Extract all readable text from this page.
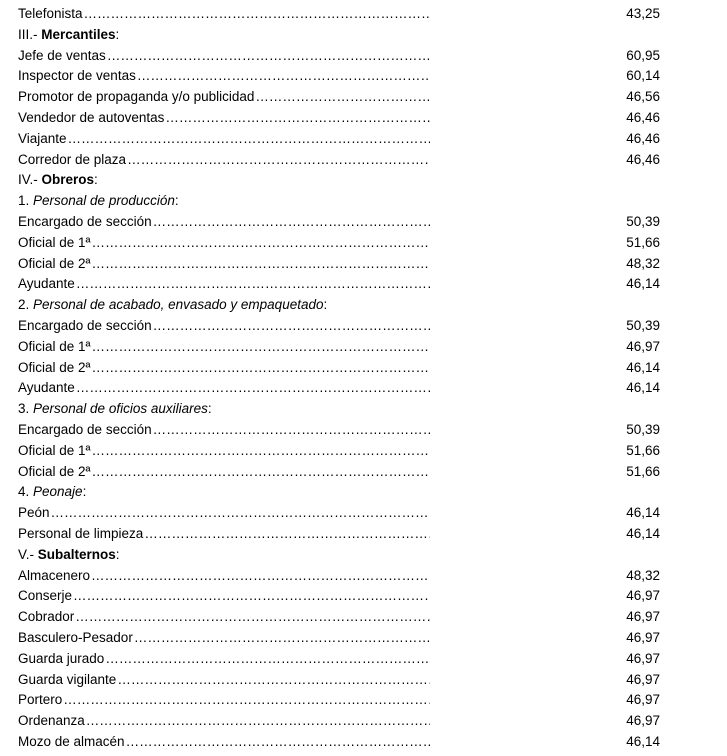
Telefonista ……………………………………………………………………………………………………………………………………………………………………………………………………………………………………	43,25
III.- Mercantiles:
Jefe de ventas ……………………………………………………………………………………………………………………………………………………………………………………………………………………………………	60,95
Inspector de ventas ……………………………………………………………………………………………………………………………………………………………………………………………………………………………………	60,14
Promotor de propaganda y/o publicidad ……………………………………………………………………………………………………………………………………………………………………………………………………………………………………	46,56
Vendedor de autoventas ……………………………………………………………………………………………………………………………………………………………………………………………………………………………………	46,46
Viajante ……………………………………………………………………………………………………………………………………………………………………………………………………………………………………	46,46
Corredor de plaza ……………………………………………………………………………………………………………………………………………………………………………………………………………………………………	46,46
IV.- Obreros:
1. Personal de producción:
Encargado de sección ……………………………………………………………………………………………………………………………………………………………………………………………………………………………………	50,39
Oficial de 1ª ……………………………………………………………………………………………………………………………………………………………………………………………………………………………………	51,66
Oficial de 2ª ……………………………………………………………………………………………………………………………………………………………………………………………………………………………………	48,32
Ayudante ……………………………………………………………………………………………………………………………………………………………………………………………………………………………………	46,14
2. Personal de acabado, envasado y empaquetado:
Encargado de sección ……………………………………………………………………………………………………………………………………………………………………………………………………………………………………	50,39
Oficial de 1ª ……………………………………………………………………………………………………………………………………………………………………………………………………………………………………	46,97
Oficial de 2ª ……………………………………………………………………………………………………………………………………………………………………………………………………………………………………	46,14
Ayudante ……………………………………………………………………………………………………………………………………………………………………………………………………………………………………	46,14
3. Personal de oficios auxiliares:
Encargado de sección ……………………………………………………………………………………………………………………………………………………………………………………………………………………………………	50,39
Oficial de 1ª ……………………………………………………………………………………………………………………………………………………………………………………………………………………………………	51,66
Oficial de 2ª ……………………………………………………………………………………………………………………………………………………………………………………………………………………………………	51,66
4. Peonaje:
Peón ……………………………………………………………………………………………………………………………………………………………………………………………………………………………………	46,14
Personal de limpieza ……………………………………………………………………………………………………………………………………………………………………………………………………………………………………	46,14
V.- Subalternos:
Almacenero ……………………………………………………………………………………………………………………………………………………………………………………………………………………………………	48,32
Conserje ……………………………………………………………………………………………………………………………………………………………………………………………………………………………………	46,97
Cobrador ……………………………………………………………………………………………………………………………………………………………………………………………………………………………………	46,97
Basculero-Pesador ……………………………………………………………………………………………………………………………………………………………………………………………………………………………………	46,97
Guarda jurado ……………………………………………………………………………………………………………………………………………………………………………………………………………………………………	46,97
Guarda vigilante ……………………………………………………………………………………………………………………………………………………………………………………………………………………………………	46,97
Portero ……………………………………………………………………………………………………………………………………………………………………………………………………………………………………	46,97
Ordenanza ……………………………………………………………………………………………………………………………………………………………………………………………………………………………………	46,97
Mozo de almacén ……………………………………………………………………………………………………………………………………………………………………………………………………………………………………	46,14
